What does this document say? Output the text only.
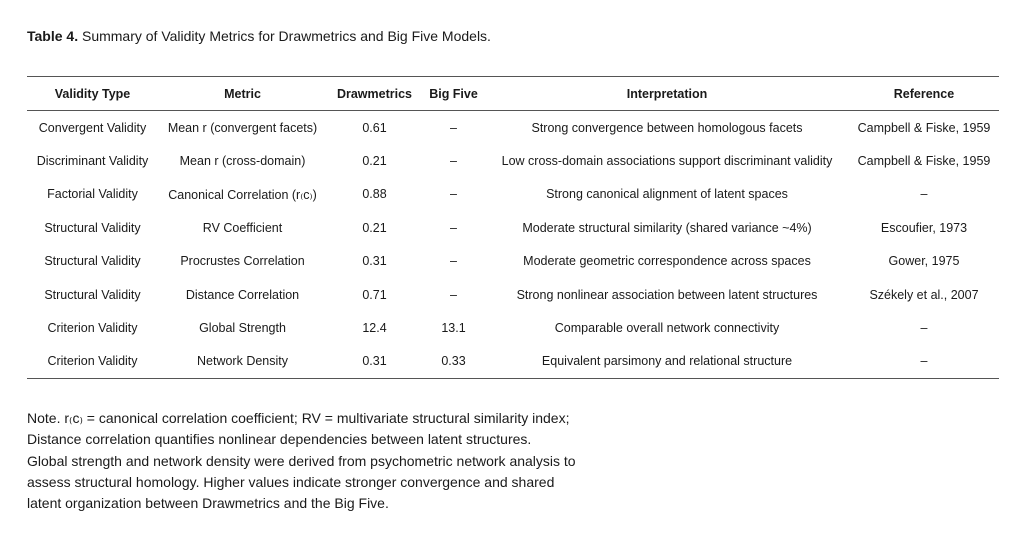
Table 4. Summary of Validity Metrics for Drawmetrics and Big Five Models.
Validity Type	Metric	Drawmetrics	Big Five	Interpretation	Reference
Convergent Validity	Mean r (convergent facets)	0.61	–	Strong convergence between homologous facets	Campbell & Fiske, 1959
Discriminant Validity	Mean r (cross-domain)	0.21	–	Low cross-domain associations support discriminant validity	Campbell & Fiske, 1959
Factorial Validity	Canonical Correlation (r₍c₎)	0.88	–	Strong canonical alignment of latent spaces	–
Structural Validity	RV Coefficient	0.21	–	Moderate structural similarity (shared variance ~4%)	Escoufier, 1973
Structural Validity	Procrustes Correlation	0.31	–	Moderate geometric correspondence across spaces	Gower, 1975
Structural Validity	Distance Correlation	0.71	–	Strong nonlinear association between latent structures	Székely et al., 2007
Criterion Validity	Global Strength	12.4	13.1	Comparable overall network connectivity	–
Criterion Validity	Network Density	0.31	0.33	Equivalent parsimony and relational structure	–
Note. r₍c₎ = canonical correlation coefficient; RV = multivariate structural similarity index;
Distance correlation quantifies nonlinear dependencies between latent structures.
Global strength and network density were derived from psychometric network analysis to
assess structural homology. Higher values indicate stronger convergence and shared
latent organization between Drawmetrics and the Big Five.
